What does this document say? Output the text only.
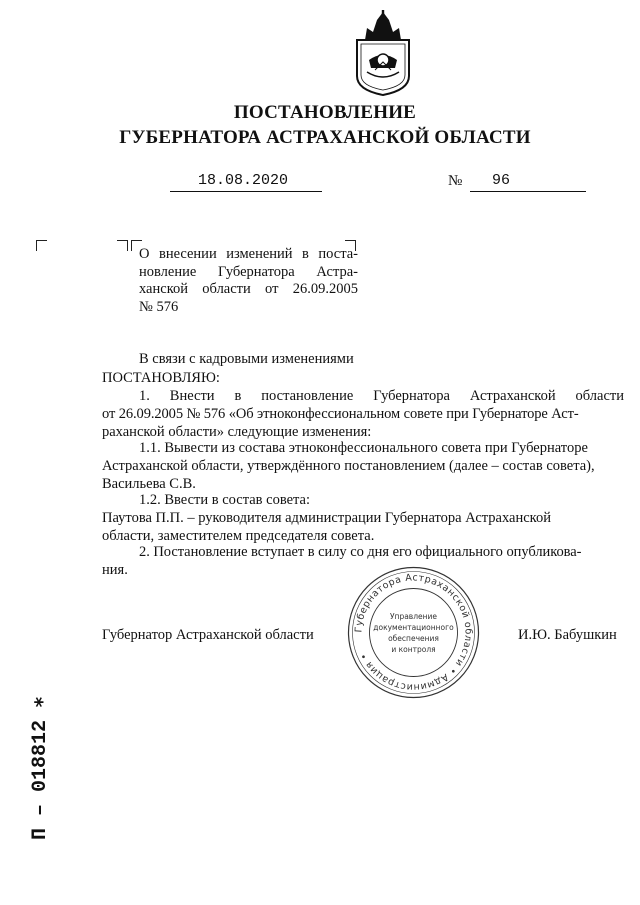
ПОСТАНОВЛЕНИЕ
ГУБЕРНАТОРА АСТРАХАНСКОЙ ОБЛАСТИ
18.08.2020	№	96
О внесении изменений в поста-
новление Губернатора Астра-
ханской области от 26.09.2005
№ 576
В связи с кадровыми изменениями
ПОСТАНОВЛЯЮ:
1. Внести в постановление Губернатора Астраханской области
от 26.09.2005 № 576 «Об этноконфессиональном совете при Губернаторе Аст-
раханской области» следующие изменения:
1.1. Вывести из состава этноконфессионального совета при Губернаторе
Астраханской области, утверждённого постановлением (далее – состав совета),
Васильева С.В.
1.2. Ввести в состав совета:
Паутова П.П. – руководителя администрации Губернатора Астраханской
области, заместителем председателя совета.
2. Постановление вступает в силу со дня его официального опубликова-
ния.
Губернатор Астраханской области	И.Ю. Бабушкин
Губернатора Астраханской области • Администрация •
Управление
документационного
обеспечения
и контроля
П – 018812 ∗
